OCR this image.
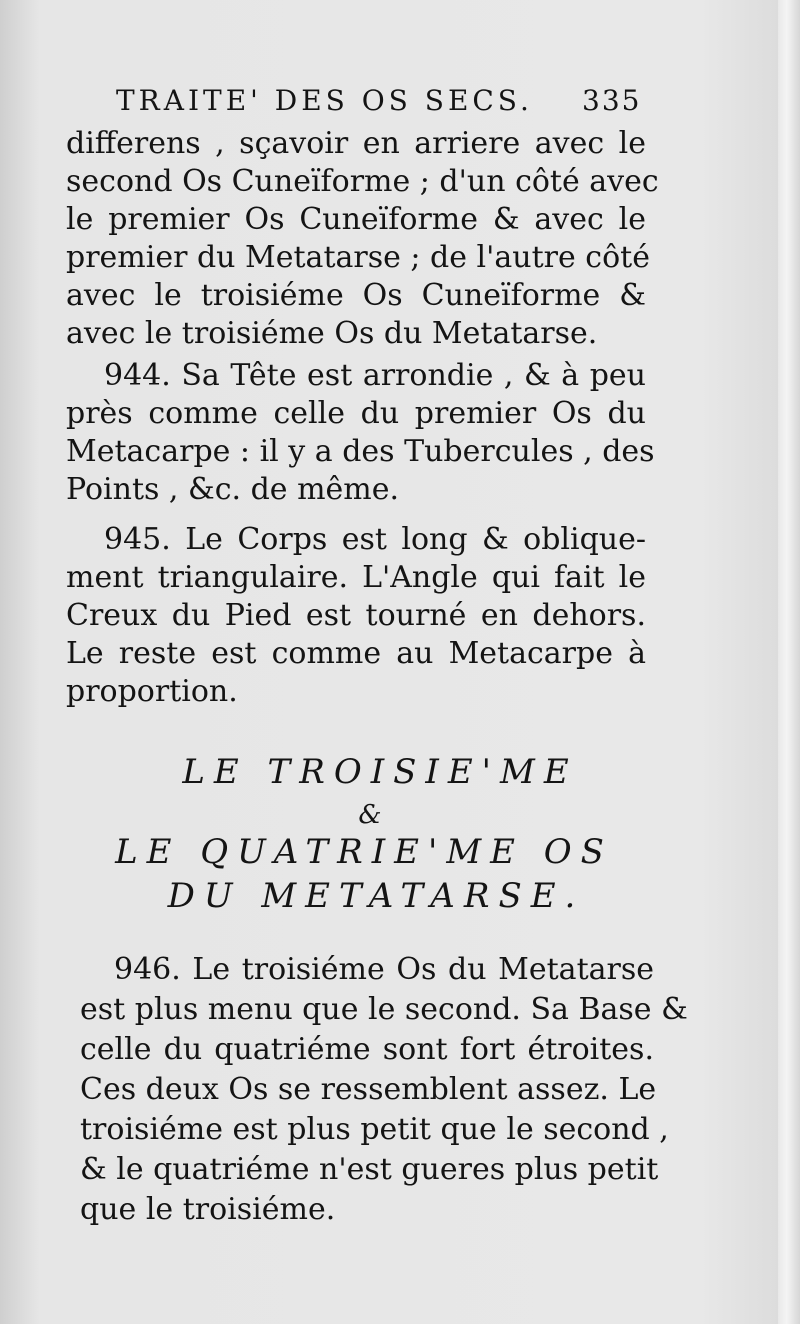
TRAITE' DES OS SECS. 335

differens , sçavoir en arriere avec le

second Os Cuneïforme ; d'un côté avec

le premier Os Cuneïforme & avec le

premier du Metatarse ; de l'autre côté

avec le troisiéme Os Cuneïforme &

avec le troisiéme Os du Metatarse.

944. Sa Tête est arrondie , & à peu

près comme celle du premier Os du

Metacarpe : il y a des Tubercules , des

Points , &c. de même.

945. Le Corps est long & oblique-

ment triangulaire. L'Angle qui fait le

Creux du Pied est tourné en dehors.

Le reste est comme au Metacarpe à

proportion.

LE TROISIE'ME

&

LE QUATRIE'ME OS

DU METATARSE.

946. Le troisiéme Os du Metatarse

est plus menu que le second. Sa Base &

celle du quatriéme sont fort étroites.

Ces deux Os se ressemblent assez. Le

troisiéme est plus petit que le second ,

& le quatriéme n'est gueres plus petit

que le troisiéme.
